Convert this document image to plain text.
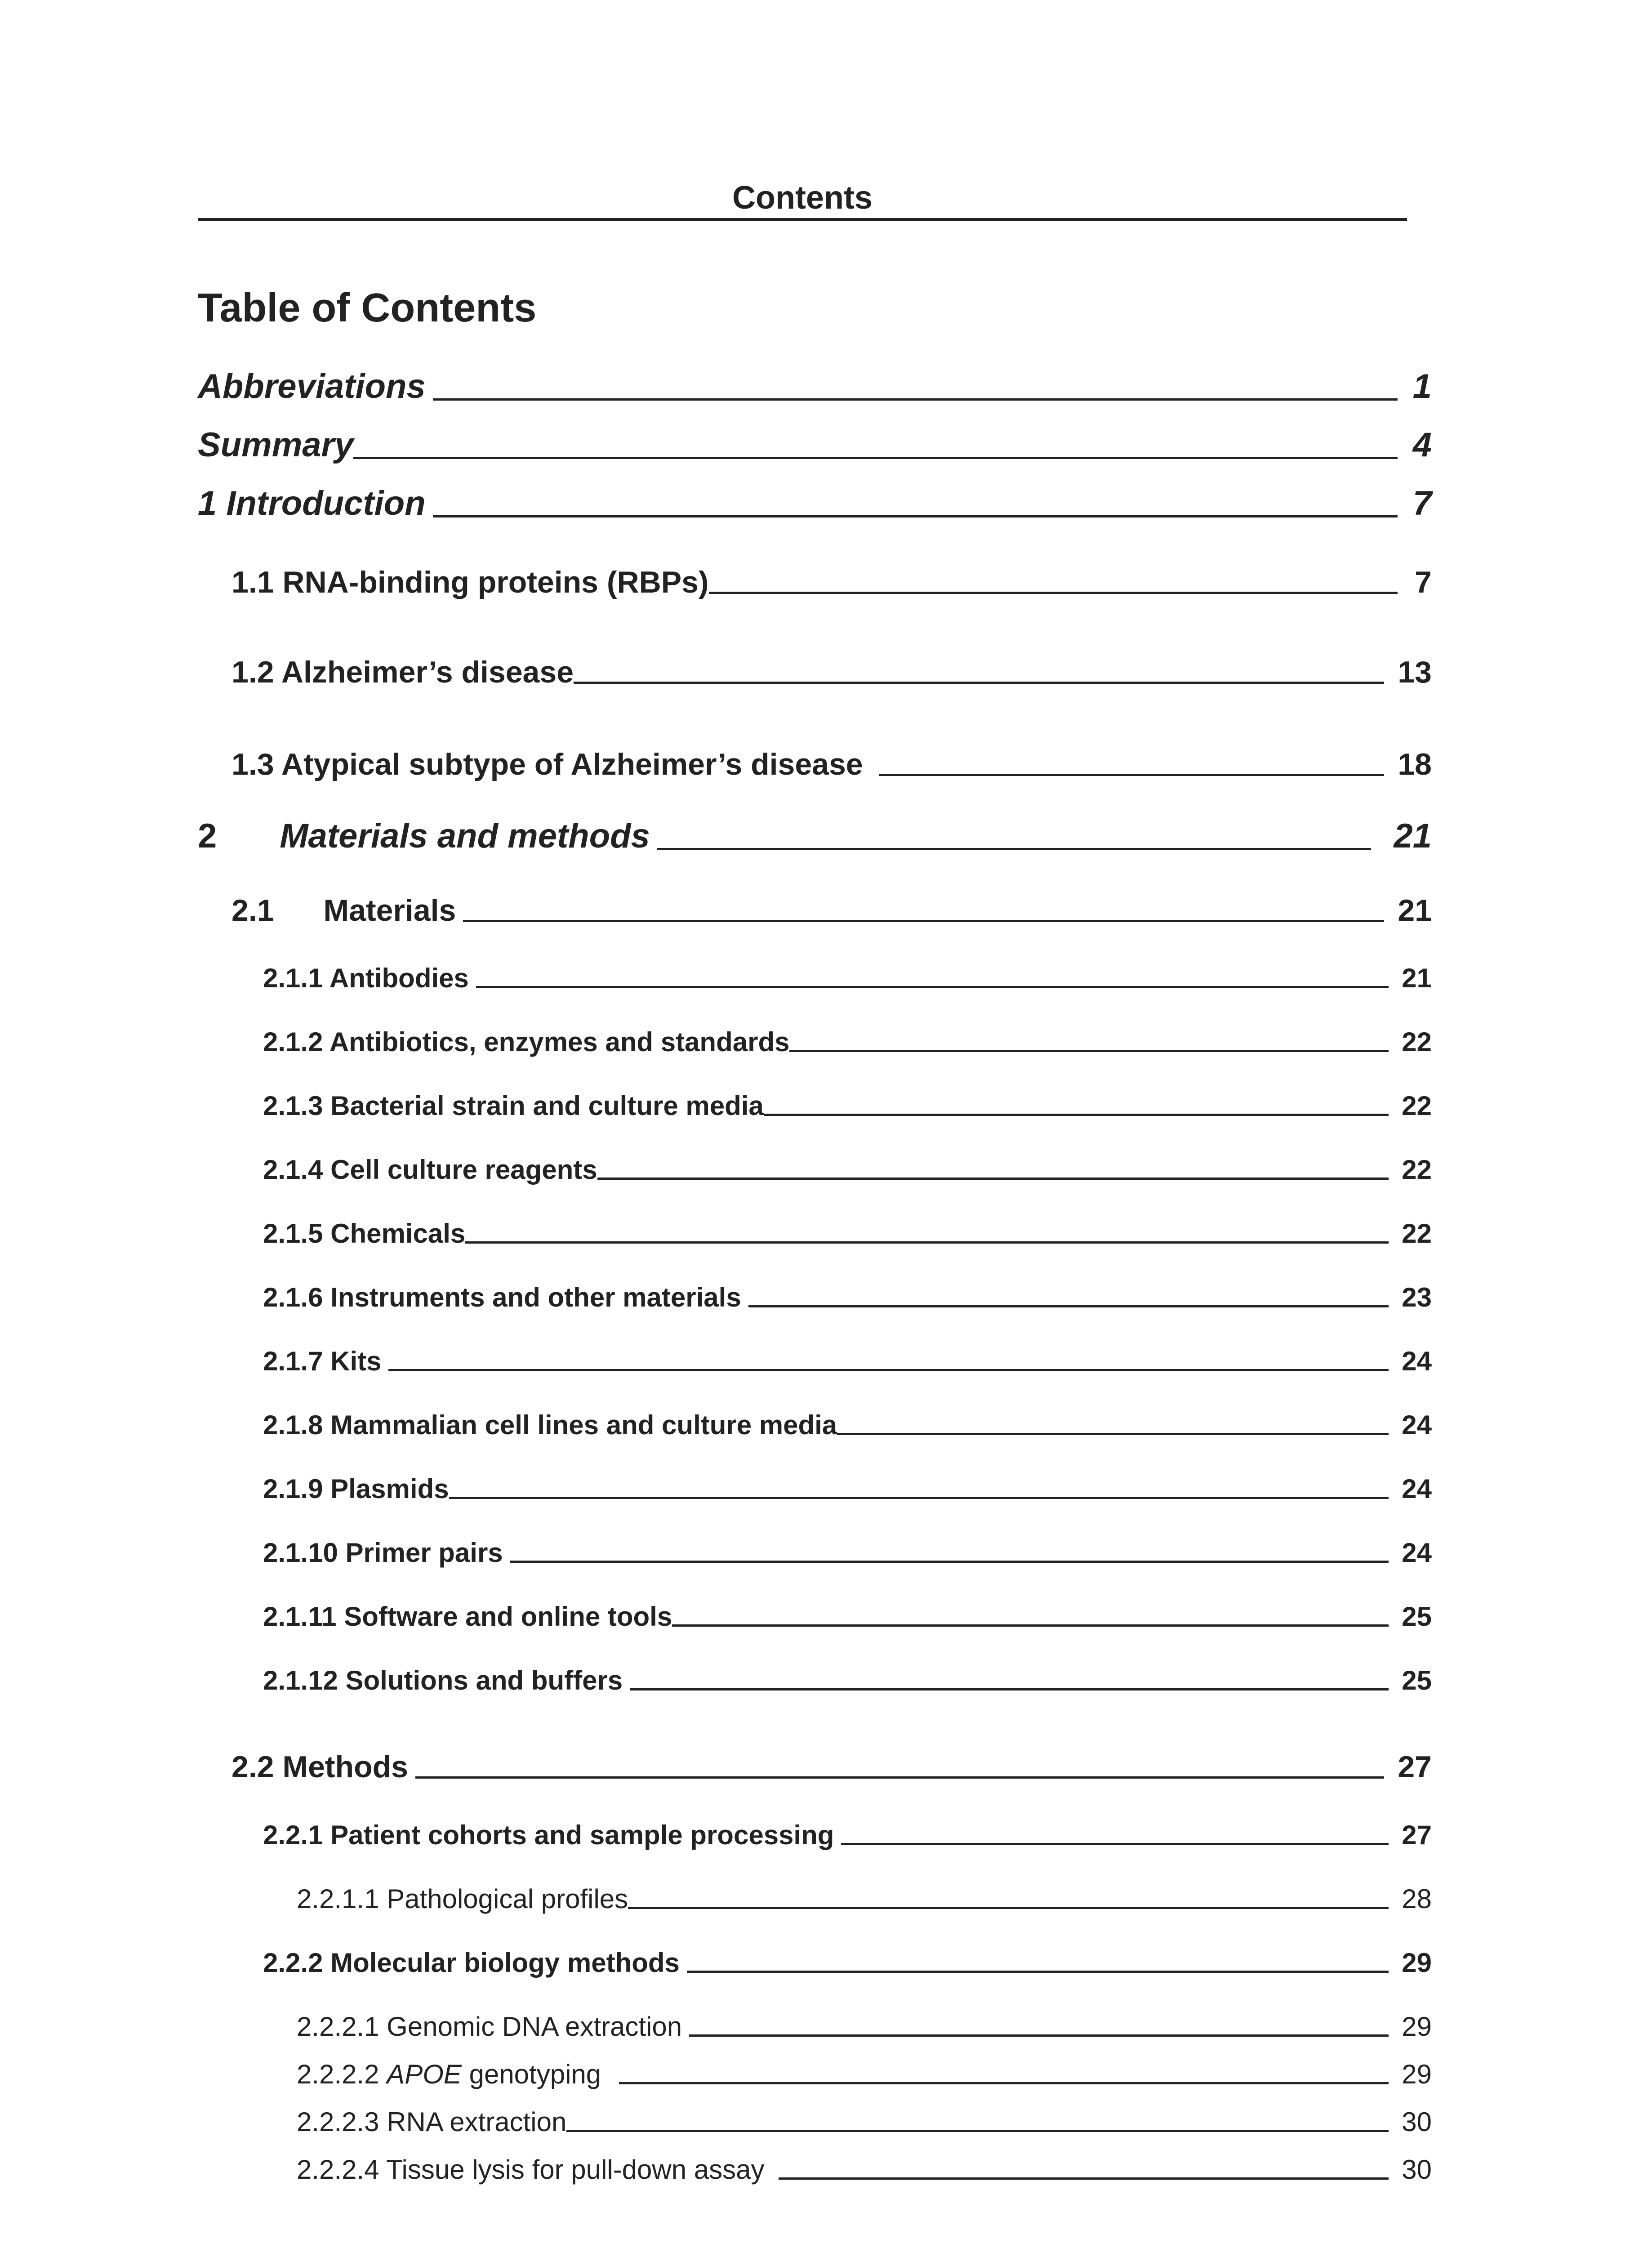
Contents
Table of Contents
Abbreviations	1
Summary	4
1 Introduction	7
1.1 RNA-binding proteins (RBPs)	7
1.2 Alzheimer’s disease	13
1.3 Atypical subtype of Alzheimer’s disease	18
2 Materials and methods	21
2.1 Materials	21
2.1.1 Antibodies	21
2.1.2 Antibiotics, enzymes and standards	22
2.1.3 Bacterial strain and culture media	22
2.1.4 Cell culture reagents	22
2.1.5 Chemicals	22
2.1.6 Instruments and other materials	23
2.1.7 Kits	24
2.1.8 Mammalian cell lines and culture media	24
2.1.9 Plasmids	24
2.1.10 Primer pairs	24
2.1.11 Software and online tools	25
2.1.12 Solutions and buffers	25
2.2 Methods	27
2.2.1 Patient cohorts and sample processing	27
2.2.1.1 Pathological profiles	28
2.2.2 Molecular biology methods	29
2.2.2.1 Genomic DNA extraction	29
2.2.2.2 APOE genotyping	29
2.2.2.3 RNA extraction	30
2.2.2.4 Tissue lysis for pull-down assay	30
